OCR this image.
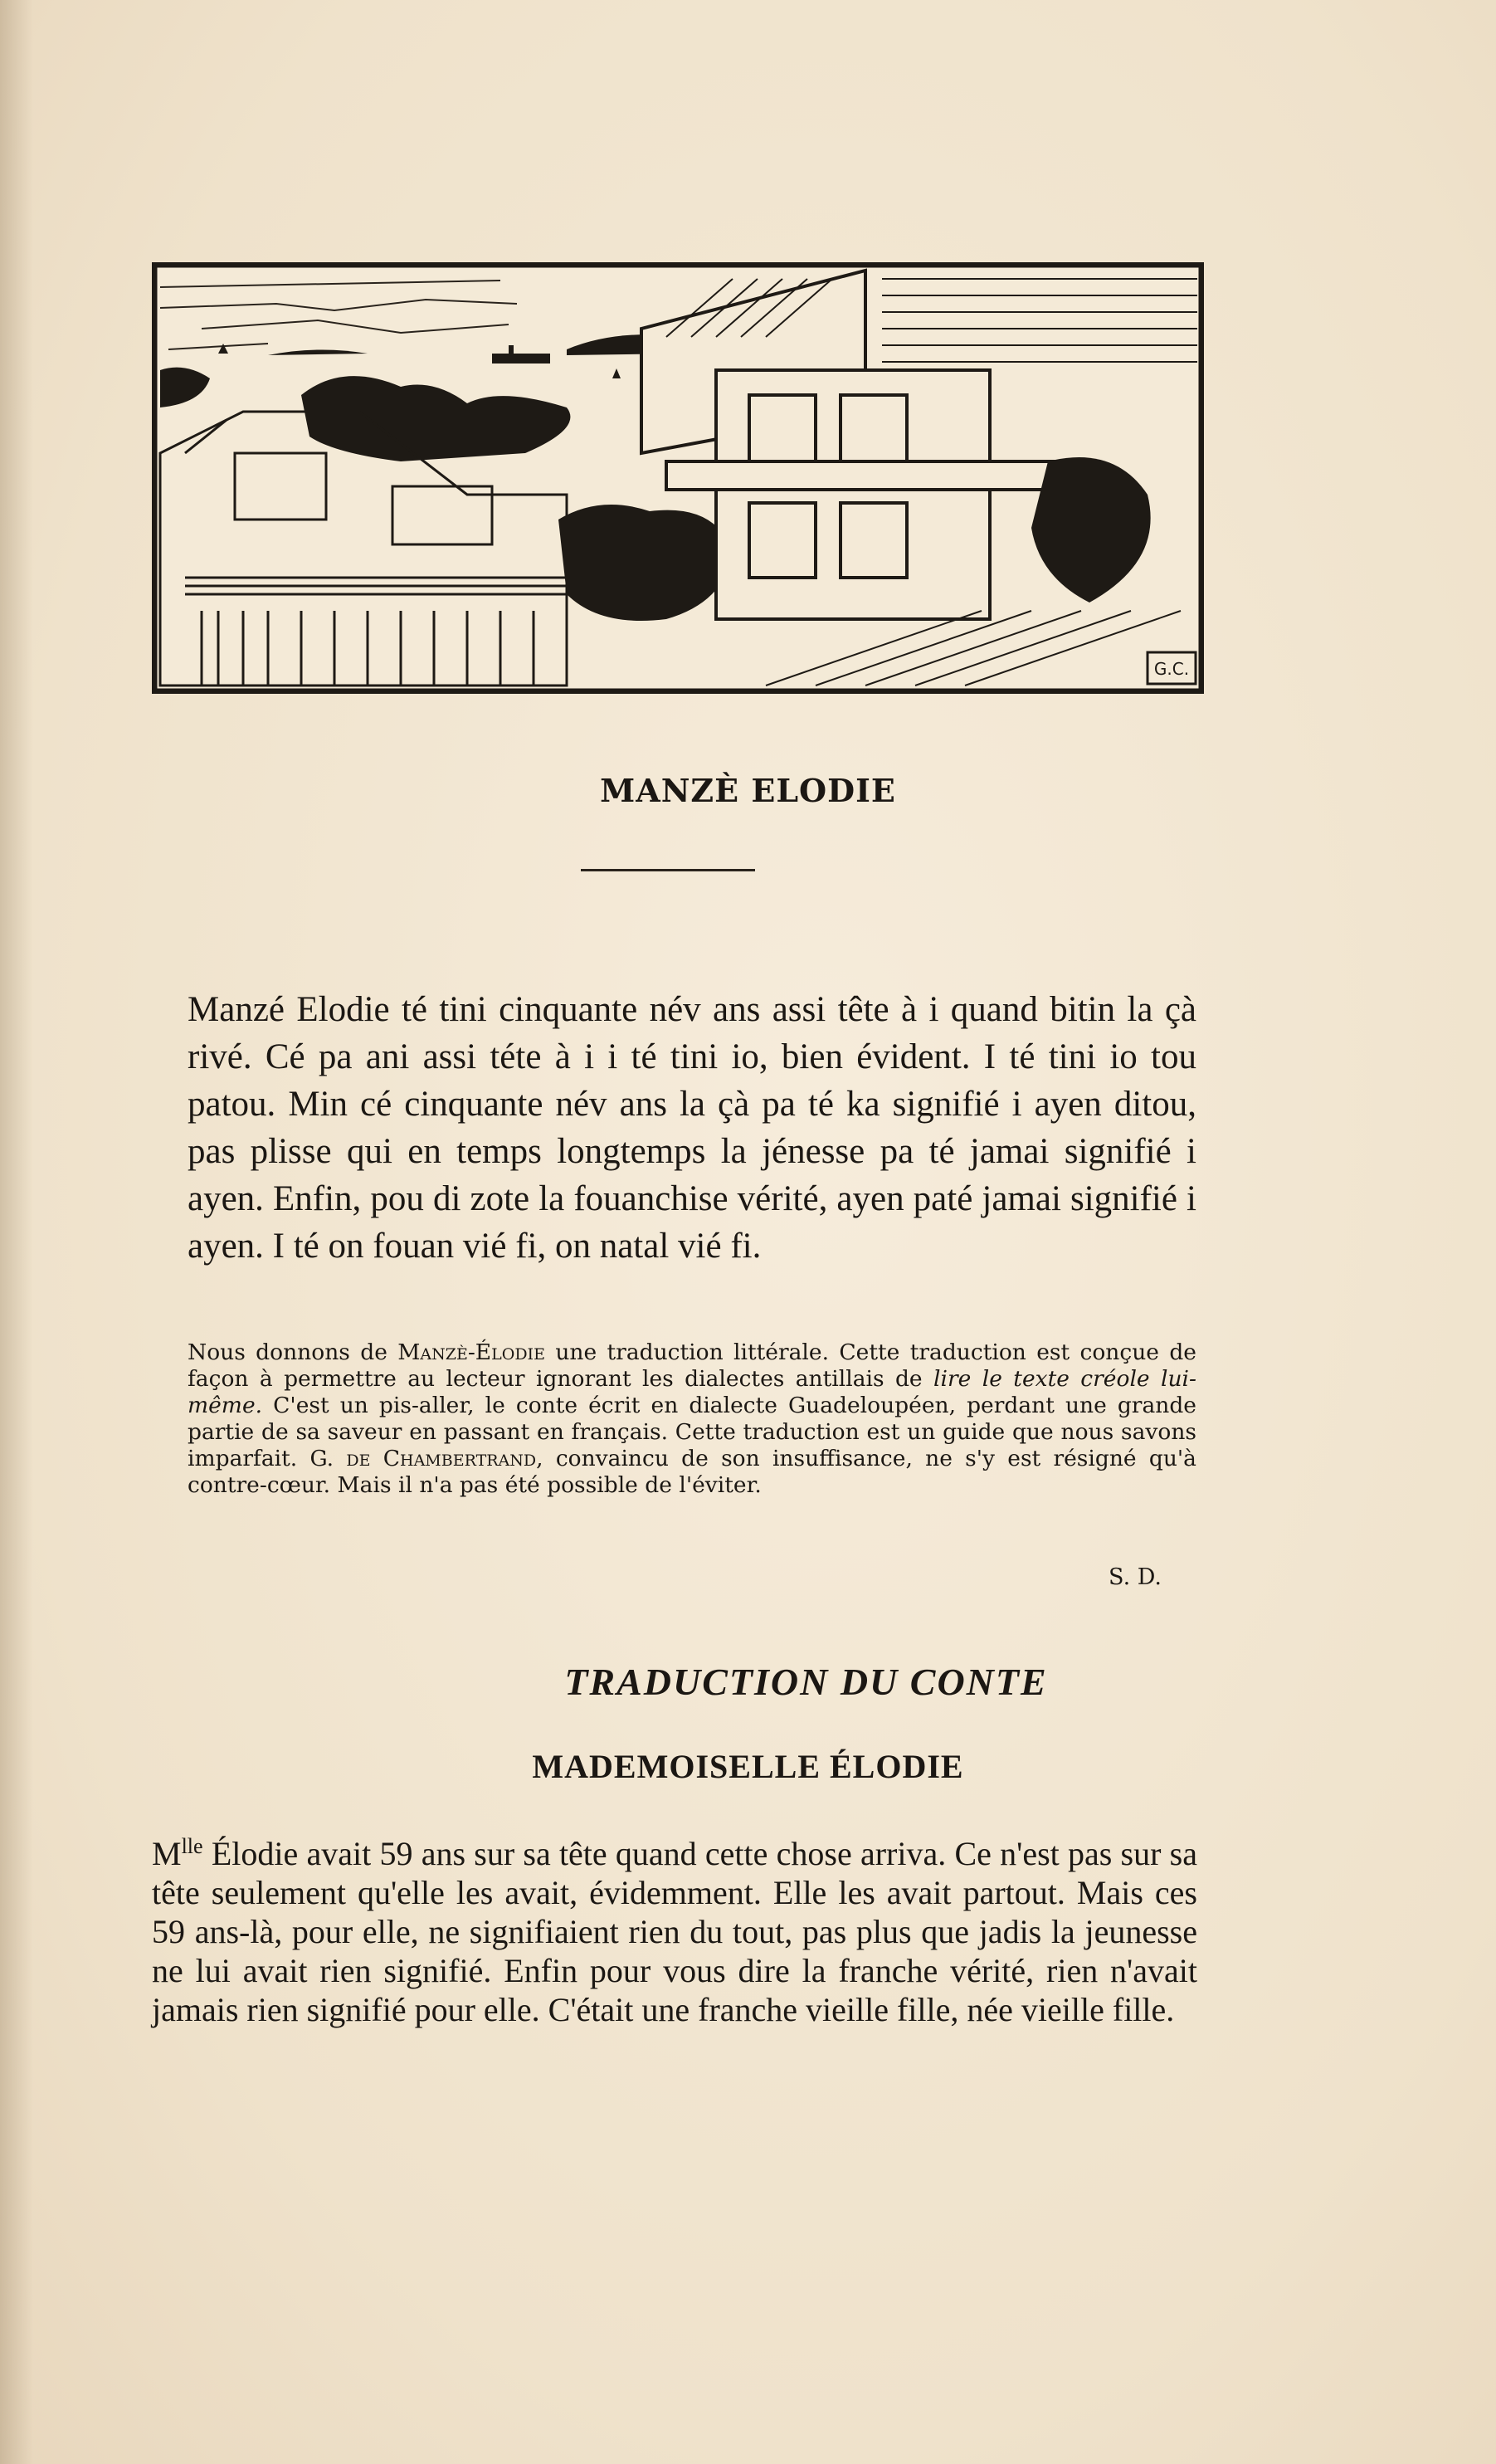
G.C.
MANZÈ ELODIE

Manzé Elodie té tini cinquante név ans assi tête à i quand bitin la çà rivé. Cé pa ani assi téte à i i té tini io, bien évident. I té tini io tou patou. Min cé cinquante név ans la çà pa té ka signifié i ayen ditou, pas plisse qui en temps longtemps la jénesse pa té jamai signifié i ayen. Enfin, pou di zote la fouanchise vérité, ayen paté jamai signifié i ayen. I té on fouan vié fi, on natal vié fi.

Nous donnons de Manzè-Élodie une traduction littérale. Cette traduction est conçue de façon à permettre au lecteur ignorant les dialectes antillais de lire le texte créole lui-même. C'est un pis-aller, le conte écrit en dialecte Guadeloupéen, perdant une grande partie de sa saveur en passant en français. Cette traduction est un guide que nous savons imparfait. G. de Chambertrand, convaincu de son insuffisance, ne s'y est résigné qu'à contre-cœur. Mais il n'a pas été possible de l'éviter.

S. D.

TRADUCTION DU CONTE
MADEMOISELLE ÉLODIE

$M^{lle}$ Élodie avait 59 ans sur sa tête quand cette chose arriva. Ce n'est pas sur sa tête seulement qu'elle les avait, évidemment. Elle les avait partout. Mais ces 59 ans-là, pour elle, ne signifiaient rien du tout, pas plus que jadis la jeunesse ne lui avait rien signifié. Enfin pour vous dire la franche vérité, rien n'avait jamais rien signifié pour elle. C'était une franche vieille fille, née vieille fille.
